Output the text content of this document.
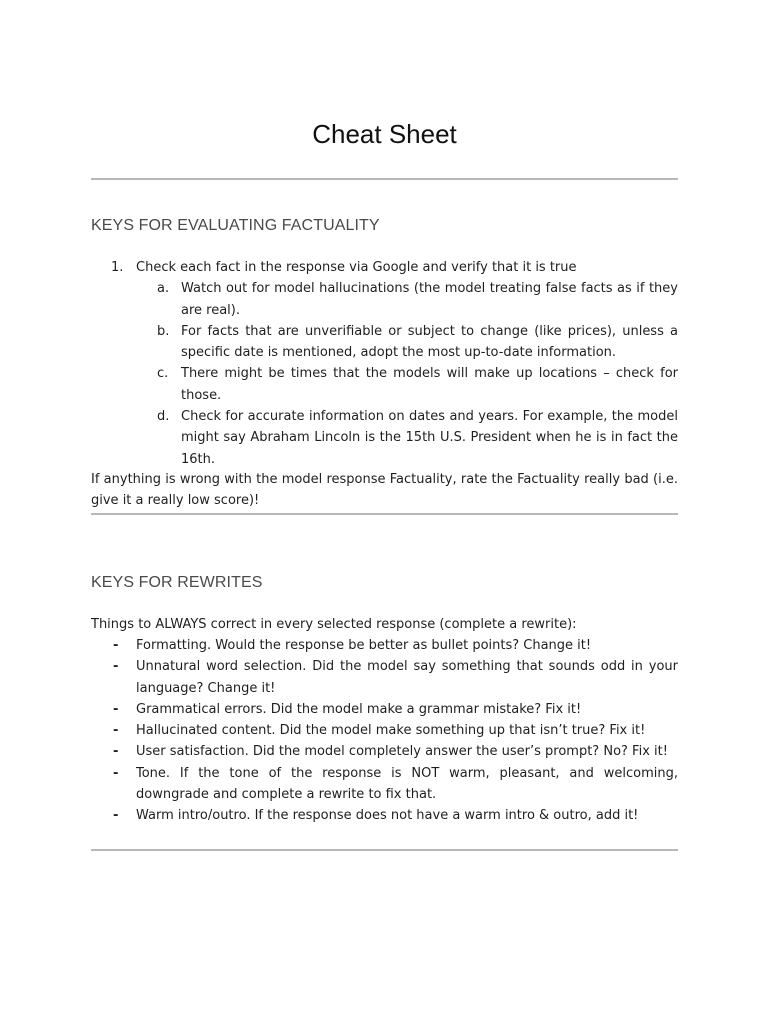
Cheat Sheet
KEYS FOR EVALUATING FACTUALITY
1. Check each fact in the response via Google and verify that it is true
a. Watch out for model hallucinations (the model treating false facts as if they are real).
b. For facts that are unverifiable or subject to change (like prices), unless a specific date is mentioned, adopt the most up-to-date information.
c. There might be times that the models will make up locations – check for those.
d. Check for accurate information on dates and years. For example, the model might say Abraham Lincoln is the 15th U.S. President when he is in fact the 16th.
If anything is wrong with the model response Factuality, rate the Factuality really bad (i.e. give it a really low score)!
KEYS FOR REWRITES
Things to ALWAYS correct in every selected response (complete a rewrite):
- Formatting. Would the response be better as bullet points? Change it!
- Unnatural word selection. Did the model say something that sounds odd in your language? Change it!
- Grammatical errors. Did the model make a grammar mistake? Fix it!
- Hallucinated content. Did the model make something up that isn’t true? Fix it!
- User satisfaction. Did the model completely answer the user’s prompt? No? Fix it!
- Tone. If the tone of the response is NOT warm, pleasant, and welcoming, downgrade and complete a rewrite to fix that.
- Warm intro/outro. If the response does not have a warm intro & outro, add it!
